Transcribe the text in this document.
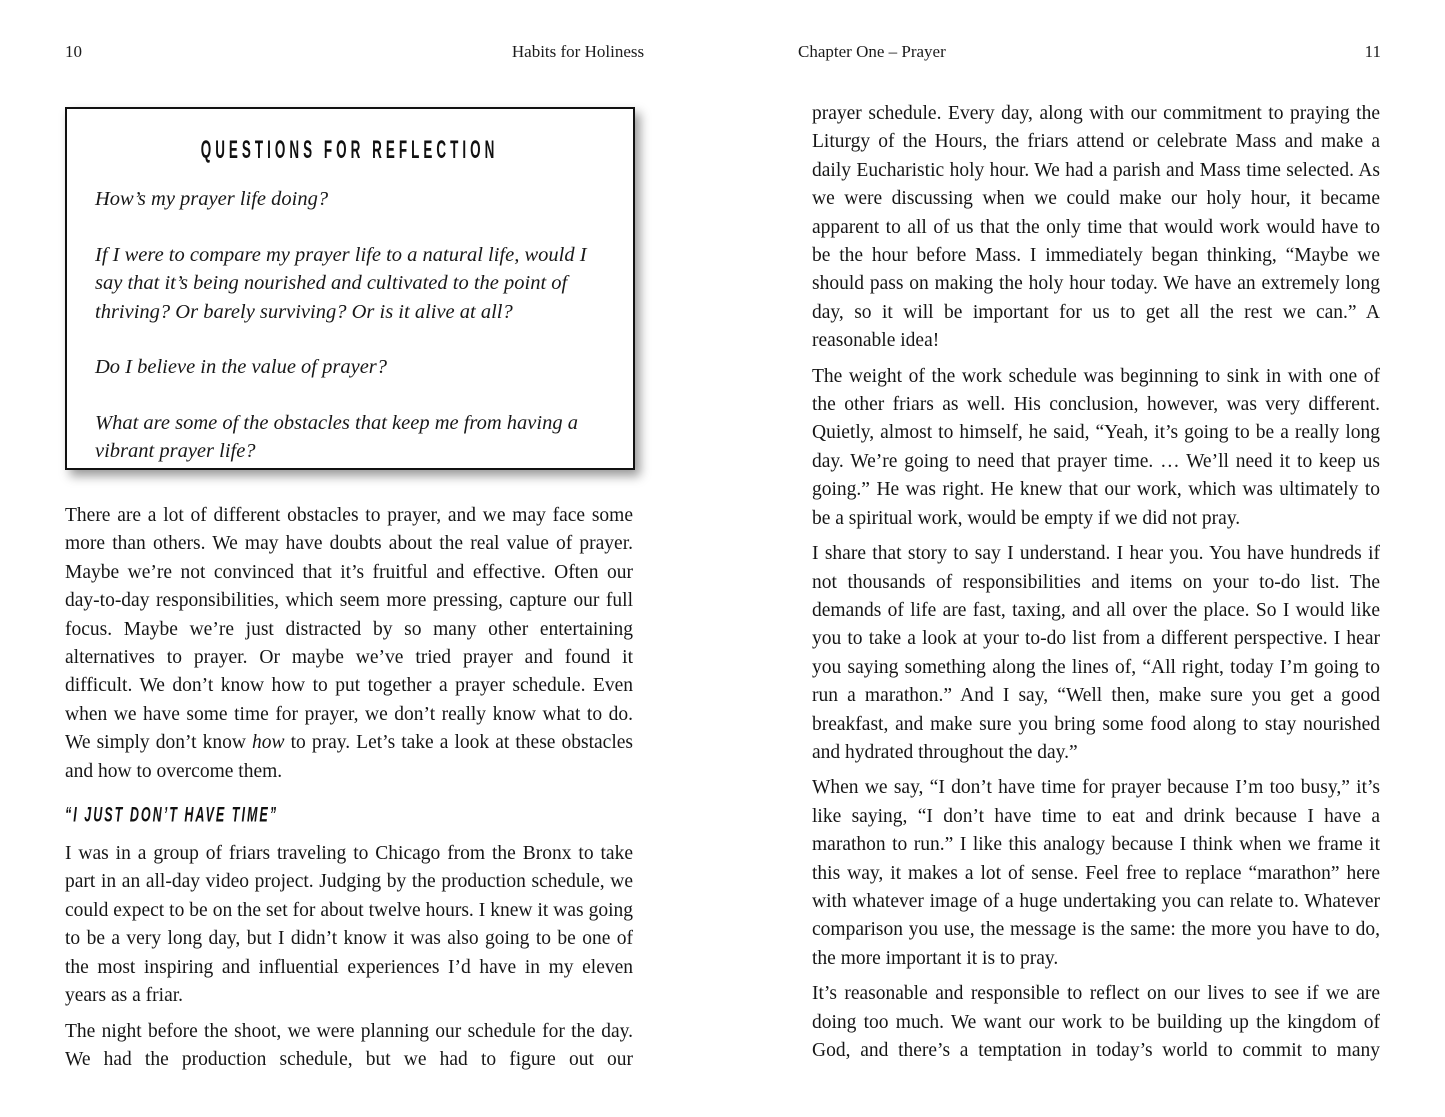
10	Habits for Holiness	Chapter One – Prayer	11
QUESTIONS FOR REFLECTION

How’s my prayer life doing?

If I were to compare my prayer life to a natural life, would I say that it’s being nourished and cultivated to the point of thriving? Or barely surviving? Or is it alive at all?

Do I believe in the value of prayer?

What are some of the obstacles that keep me from having a vibrant prayer life?

There are a lot of different obstacles to prayer, and we may face some more than others. We may have doubts about the real value of prayer. Maybe we’re not convinced that it’s fruitful and effective. Often our day-to-day responsibilities, which seem more pressing, capture our full focus. Maybe we’re just distracted by so many other entertaining alternatives to prayer. Or maybe we’ve tried prayer and found it difficult. We don’t know how to put together a prayer schedule. Even when we have some time for prayer, we don’t really know what to do. We simply don’t know how to pray. Let’s take a look at these obstacles and how to overcome them.

“I JUST DON’T HAVE TIME”

I was in a group of friars traveling to Chicago from the Bronx to take part in an all-day video project. Judging by the production schedule, we could expect to be on the set for about twelve hours. I knew it was going to be a very long day, but I didn’t know it was also going to be one of the most inspiring and influential experiences I’d have in my eleven years as a friar.

The night before the shoot, we were planning our schedule for the day. We had the production schedule, but we had to figure out our

prayer schedule. Every day, along with our commitment to praying the Liturgy of the Hours, the friars attend or celebrate Mass and make a daily Eucharistic holy hour. We had a parish and Mass time selected. As we were discussing when we could make our holy hour, it became apparent to all of us that the only time that would work would have to be the hour before Mass. I immediately began thinking, “Maybe we should pass on making the holy hour today. We have an extremely long day, so it will be important for us to get all the rest we can.” A reasonable idea!

The weight of the work schedule was beginning to sink in with one of the other friars as well. His conclusion, however, was very different. Quietly, almost to himself, he said, “Yeah, it’s going to be a really long day. We’re going to need that prayer time. … We’ll need it to keep us going.” He was right. He knew that our work, which was ultimately to be a spiritual work, would be empty if we did not pray.

I share that story to say I understand. I hear you. You have hundreds if not thousands of responsibilities and items on your to-do list. The demands of life are fast, taxing, and all over the place. So I would like you to take a look at your to-do list from a different perspective. I hear you saying something along the lines of, “All right, today I’m going to run a marathon.” And I say, “Well then, make sure you get a good breakfast, and make sure you bring some food along to stay nourished and hydrated throughout the day.”

When we say, “I don’t have time for prayer because I’m too busy,” it’s like saying, “I don’t have time to eat and drink because I have a marathon to run.” I like this analogy because I think when we frame it this way, it makes a lot of sense. Feel free to replace “marathon” here with whatever image of a huge undertaking you can relate to. Whatever comparison you use, the message is the same: the more you have to do, the more important it is to pray.

It’s reasonable and responsible to reflect on our lives to see if we are doing too much. We want our work to be building up the kingdom of God, and there’s a temptation in today’s world to commit to many
